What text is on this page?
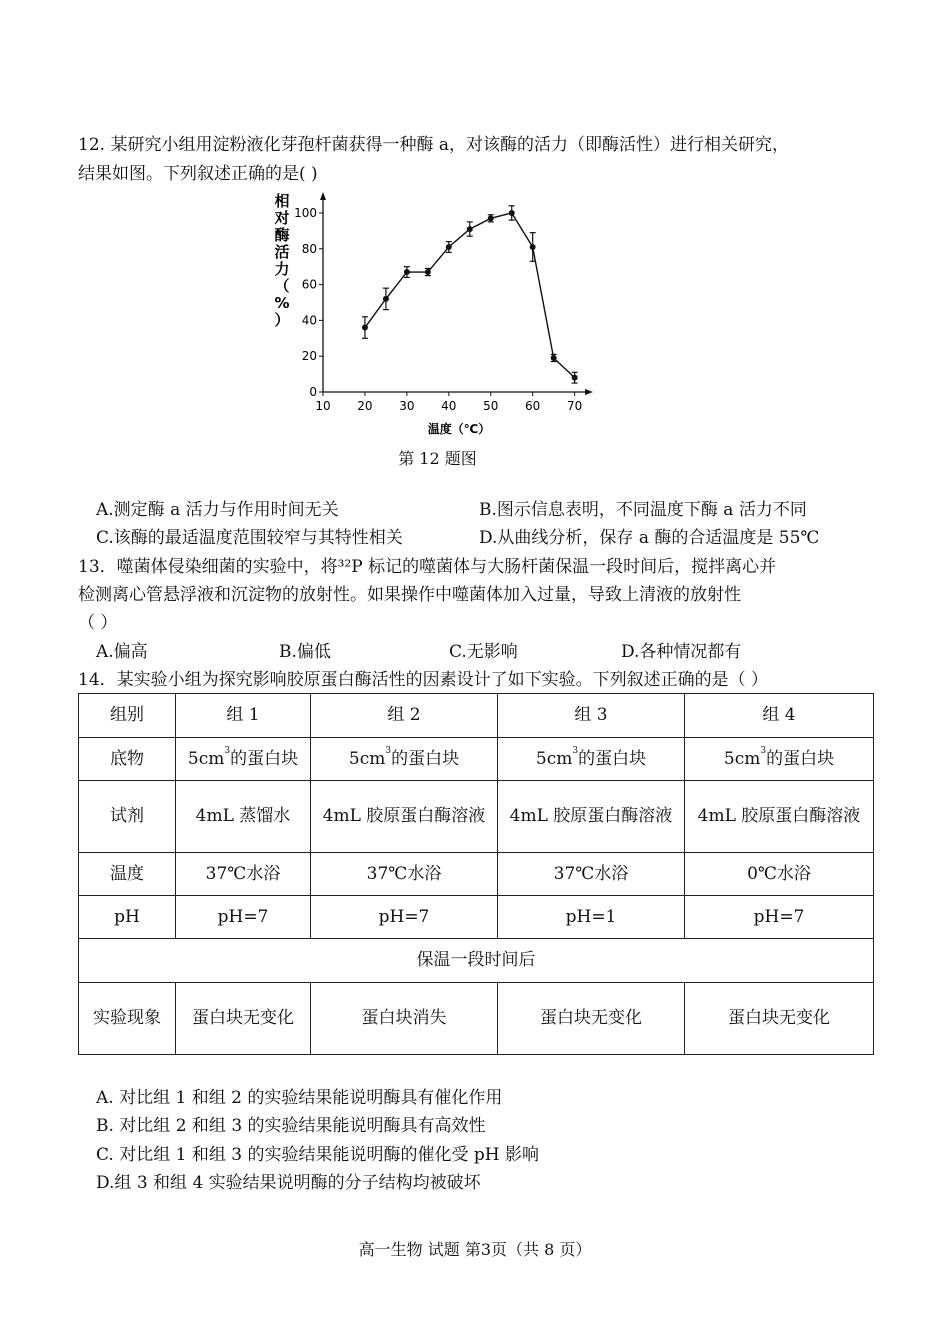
12. 某研究小组用淀粉液化芽孢杆菌获得一种酶 a，对该酶的活力（即酶活性）进行相关研究，
结果如图。下列叙述正确的是( )
10 20 30 40 50 60 70
0
20
40
60
80
100
温度（℃）
相对酶活力（%）
第 12 题图
A.测定酶 a 活力与作用时间无关	B.图示信息表明，不同温度下酶 a 活力不同
C.该酶的最适温度范围较窄与其特性相关	D.从曲线分析，保存 a 酶的合适温度是 55℃
13．噬菌体侵染细菌的实验中，将³²P 标记的噬菌体与大肠杆菌保温一段时间后，搅拌离心并
检测离心管悬浮液和沉淀物的放射性。如果操作中噬菌体加入过量，导致上清液的放射性
（ ）
A.偏高	B.偏低	C.无影响	D.各种情况都有
14．某实验小组为探究影响胶原蛋白酶活性的因素设计了如下实验。下列叙述正确的是（ ）
组别	组 1	组 2	组 3	组 4
底物	$5cm^3$的蛋白块	$5cm^3$的蛋白块	$5cm^3$的蛋白块	$5cm^3$的蛋白块
试剂	4mL 蒸馏水	4mL 胶原蛋白酶溶液	4mL 胶原蛋白酶溶液	4mL 胶原蛋白酶溶液
温度	37℃水浴	37℃水浴	37℃水浴	0℃水浴
pH	pH=7	pH=7	pH=1	pH=7
保温一段时间后				
实验现象	蛋白块无变化	蛋白块消失	蛋白块无变化	蛋白块无变化
A. 对比组 1 和组 2 的实验结果能说明酶具有催化作用
B. 对比组 2 和组 3 的实验结果能说明酶具有高效性
C. 对比组 1 和组 3 的实验结果能说明酶的催化受 pH 影响
D.组 3 和组 4 实验结果说明酶的分子结构均被破坏
高一生物 试题 第3页（共 8 页）
